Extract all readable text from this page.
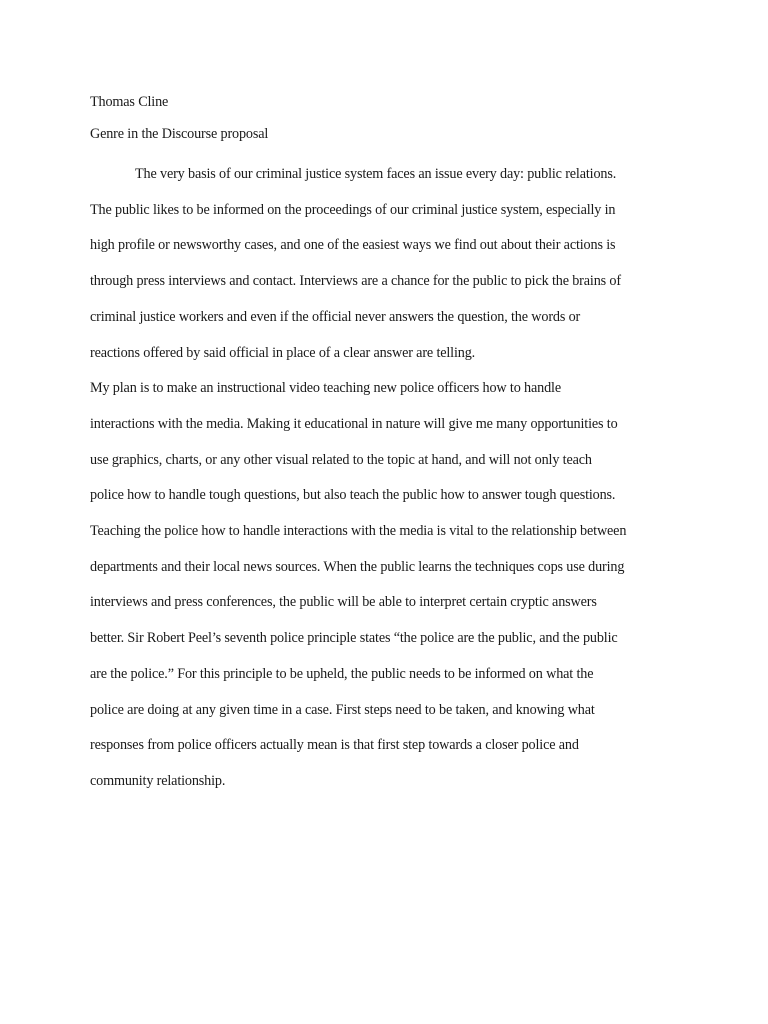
Thomas Cline

Genre in the Discourse proposal

The very basis of our criminal justice system faces an issue every day: public relations.

The public likes to be informed on the proceedings of our criminal justice system, especially in

high profile or newsworthy cases, and one of the easiest ways we find out about their actions is

through press interviews and contact. Interviews are a chance for the public to pick the brains of

criminal justice workers and even if the official never answers the question, the words or

reactions offered by said official in place of a clear answer are telling.

My plan is to make an instructional video teaching new police officers how to handle

interactions with the media. Making it educational in nature will give me many opportunities to

use graphics, charts, or any other visual related to the topic at hand, and will not only teach

police how to handle tough questions, but also teach the public how to answer tough questions.

Teaching the police how to handle interactions with the media is vital to the relationship between

departments and their local news sources. When the public learns the techniques cops use during

interviews and press conferences, the public will be able to interpret certain cryptic answers

better. Sir Robert Peel’s seventh police principle states “the police are the public, and the public

are the police.” For this principle to be upheld, the public needs to be informed on what the

police are doing at any given time in a case. First steps need to be taken, and knowing what

responses from police officers actually mean is that first step towards a closer police and

community relationship.
